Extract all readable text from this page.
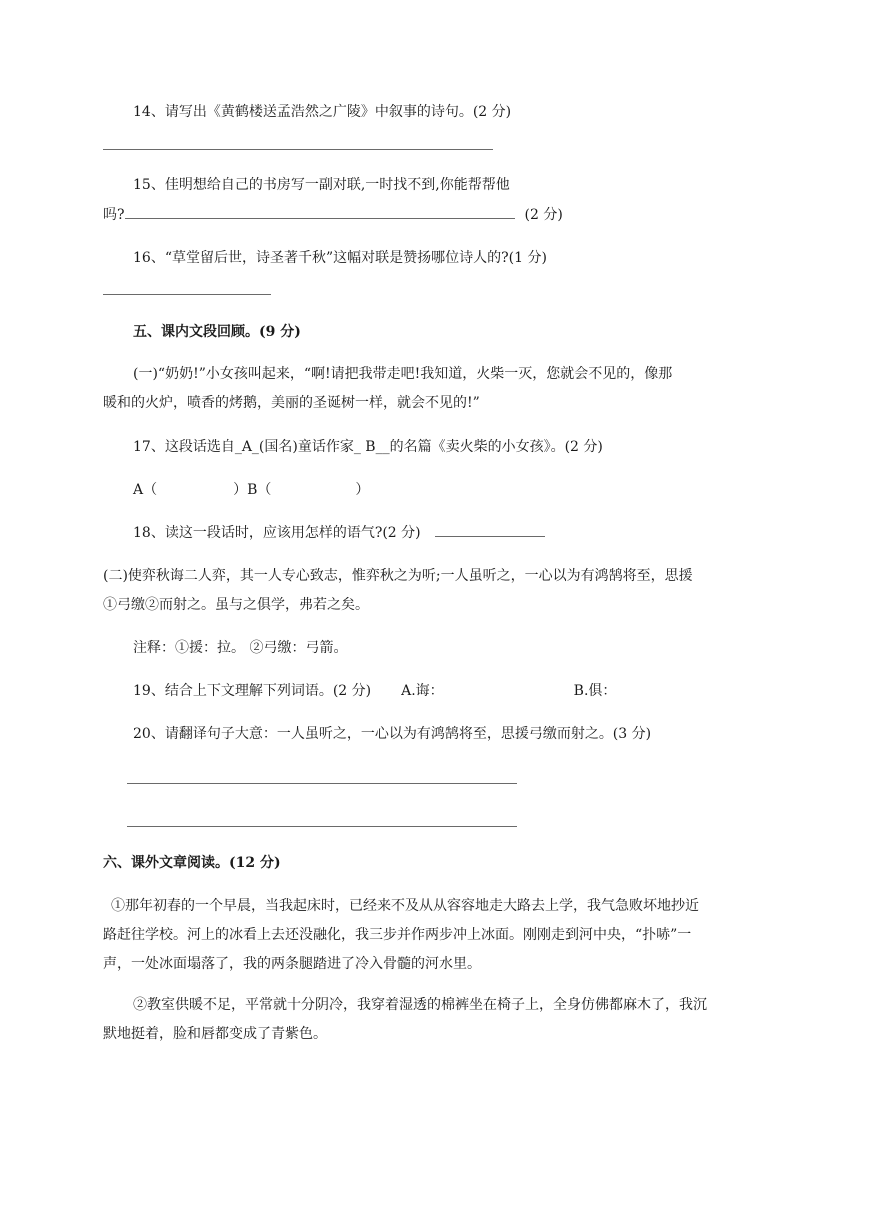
14、请写出《黄鹤楼送孟浩然之广陵》中叙事的诗句。(2 分)
15、佳明想给自己的书房写一副对联,一时找不到,你能帮帮他
吗?	(2 分)
16、“草堂留后世，诗圣著千秋”这幅对联是赞扬哪位诗人的?(1 分)
五、课内文段回顾。(9 分)
(一)“奶奶!”小女孩叫起来，“啊!请把我带走吧!我知道，火柴一灭，您就会不见的，像那
暖和的火炉，喷香的烤鹅，美丽的圣诞树一样，就会不见的!”
17、这段话选自_A_(国名)童话作家_ B__的名篇《卖火柴的小女孩》。(2 分)
A（	）B（	）
18、读这一段话时，应该用怎样的语气?(2 分)
(二)使弈秋诲二人弈，其一人专心致志，惟弈秋之为听;一人虽听之，一心以为有鸿鹄将至，思援
①弓缴②而射之。虽与之俱学，弗若之矣。
注释：①援：拉。 ②弓缴：弓箭。
19、结合上下文理解下列词语。(2 分) A.诲：	B.俱：
20、请翻译句子大意：一人虽听之，一心以为有鸿鹄将至，思援弓缴而射之。(3 分)
六、课外文章阅读。(12 分)
①那年初春的一个早晨，当我起床时，已经来不及从从容容地走大路去上学，我气急败坏地抄近
路赶往学校。河上的冰看上去还没融化，我三步并作两步冲上冰面。刚刚走到河中央，“扑哧”一
声，一处冰面塌落了，我的两条腿踏进了冷入骨髓的河水里。
②教室供暖不足，平常就十分阴冷，我穿着湿透的棉裤坐在椅子上，全身仿佛都麻木了，我沉
默地挺着，脸和唇都变成了青紫色。
